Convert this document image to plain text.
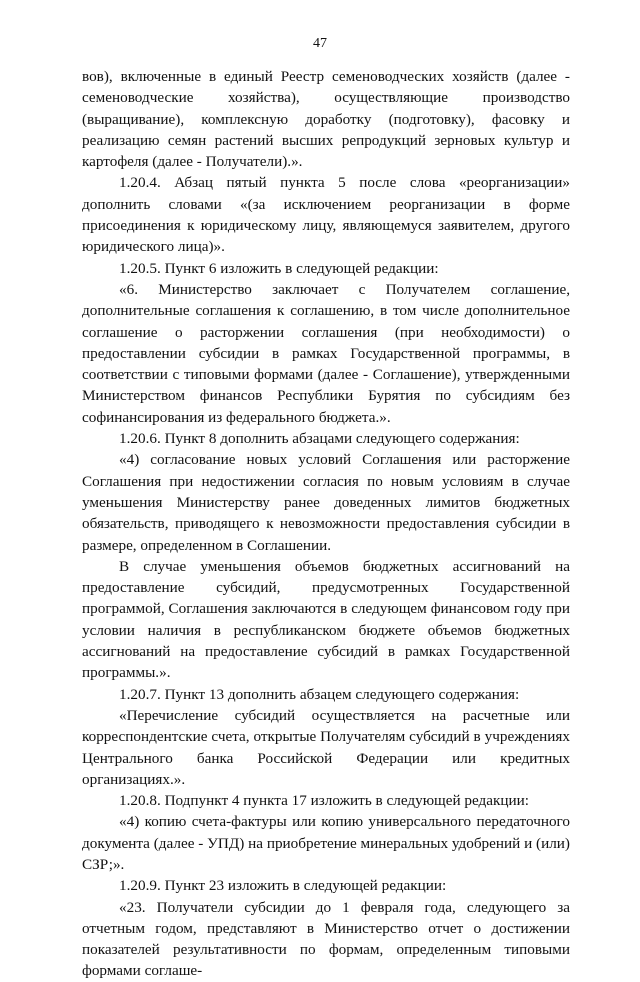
47

вов), включенные в единый Реестр семеноводческих хозяйств (далее - семеноводческие хозяйства), осуществляющие производство (выращивание), комплексную доработку (подготовку), фасовку и реализацию семян растений высших репродукций зерновых культур и картофеля (далее - Получатели).».

1.20.4. Абзац пятый пункта 5 после слова «реорганизации» дополнить словами «(за исключением реорганизации в форме присоединения к юридическому лицу, являющемуся заявителем, другого юридического лица)».

1.20.5. Пункт 6 изложить в следующей редакции:

«6. Министерство заключает с Получателем соглашение, дополнительные соглашения к соглашению, в том числе дополнительное соглашение о расторжении соглашения (при необходимости) о предоставлении субсидии в рамках Государственной программы, в соответствии с типовыми формами (далее - Соглашение), утвержденными Министерством финансов Республики Бурятия по субсидиям без софинансирования из федерального бюджета.».

1.20.6. Пункт 8 дополнить абзацами следующего содержания:

«4) согласование новых условий Соглашения или расторжение Соглашения при недостижении согласия по новым условиям в случае уменьшения Министерству ранее доведенных лимитов бюджетных обязательств, приводящего к невозможности предоставления субсидии в размере, определенном в Соглашении.

В случае уменьшения объемов бюджетных ассигнований на предоставление субсидий, предусмотренных Государственной программой, Соглашения заключаются в следующем финансовом году при условии наличия в республиканском бюджете объемов бюджетных ассигнований на предоставление субсидий в рамках Государственной программы.».

1.20.7. Пункт 13 дополнить абзацем следующего содержания:

«Перечисление субсидий осуществляется на расчетные или корреспондентские счета, открытые Получателям субсидий в учреждениях Центрального банка Российской Федерации или кредитных организациях.».

1.20.8. Подпункт 4 пункта 17 изложить в следующей редакции:

«4) копию счета-фактуры или копию универсального передаточного документа (далее - УПД) на приобретение минеральных удобрений и (или) СЗР;».

1.20.9. Пункт 23 изложить в следующей редакции:

«23. Получатели субсидии до 1 февраля года, следующего за отчетным годом, представляют в Министерство отчет о достижении показателей результативности по формам, определенным типовыми формами соглаше-
